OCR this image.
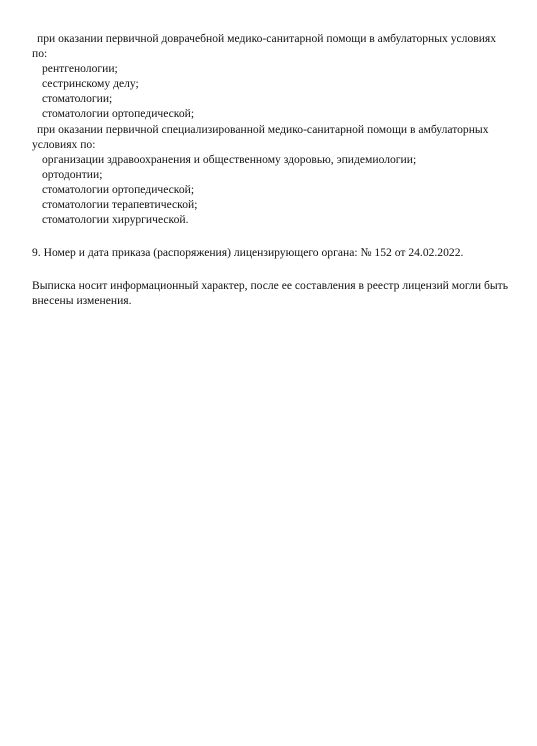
при оказании первичной доврачебной медико-санитарной помощи в амбулаторных условиях
по:
рентгенологии;
сестринскому делу;
стоматологии;
стоматологии ортопедической;
при оказании первичной специализированной медико-санитарной помощи в амбулаторных
условиях по:
организации здравоохранения и общественному здоровью, эпидемиологии;
ортодонтии;
стоматологии ортопедической;
стоматологии терапевтической;
стоматологии хирургической.
9. Номер и дата приказа (распоряжения) лицензирующего органа: № 152 от 24.02.2022.
Выписка носит информационный характер, после ее составления в реестр лицензий могли быть
внесены изменения.
